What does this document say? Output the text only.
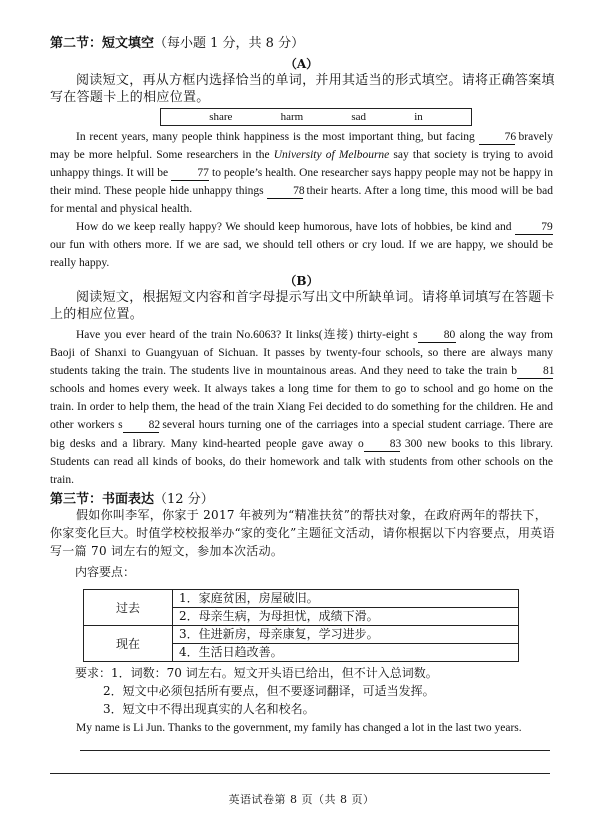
第二节：短文填空（每小题 1 分，共 8 分）
（A）
阅读短文，再从方框内选择恰当的单词，并用其适当的形式填空。请将正确答案填写在答题卡上的相应位置。
share	harm	sad	in
In recent years, many people think happiness is the most important thing, but facing 76 bravely may be more helpful. Some researchers in the University of Melbourne say that society is trying to avoid unhappy things. It will be 77 to people’s health. One researcher says happy people may not be happy in their mind. These people hide unhappy things 78 their hearts. After a long time, this mood will be bad for mental and physical health.
How do we keep really happy? We should keep humorous, have lots of hobbies, be kind and 79 our fun with others more. If we are sad, we should tell others or cry loud. If we are happy, we should be really happy.
（B）
阅读短文，根据短文内容和首字母提示写出文中所缺单词。请将单词填写在答题卡上的相应位置。
Have you ever heard of the train No.6063? It links(连接) thirty-eight s 80 along the way from Baoji of Shanxi to Guangyuan of Sichuan. It passes by twenty-four schools, so there are always many students taking the train. The students live in mountainous areas. And they need to take the train b 81 schools and homes every week. It always takes a long time for them to go to school and go home on the train. In order to help them, the head of the train Xiang Fei decided to do something for the children. He and other workers s 82 several hours turning one of the carriages into a special student carriage. There are big desks and a library. Many kind-hearted people gave away o 83 300 new books to this library. Students can read all kinds of books, do their homework and talk with students from other schools on the train.
第三节：书面表达（12 分）
假如你叫李军，你家于 2017 年被列为“精准扶贫”的帮扶对象，在政府两年的帮扶下，你家变化巨大。时值学校校报举办“家的变化”主题征文活动，请你根据以下内容要点，用英语写一篇 70 词左右的短文，参加本次活动。
内容要点：
过去	1．家庭贫困，房屋破旧。
	2．母亲生病，为母担忧，成绩下滑。
现在	3．住进新房，母亲康复，学习进步。
	4．生活日趋改善。
要求：1．词数：70 词左右。短文开头语已给出，但不计入总词数。
2．短文中必须包括所有要点，但不要逐词翻译，可适当发挥。
3．短文中不得出现真实的人名和校名。
My name is Li Jun. Thanks to the government, my family has changed a lot in the last two years.
英语试卷第 8 页（共 8 页）
